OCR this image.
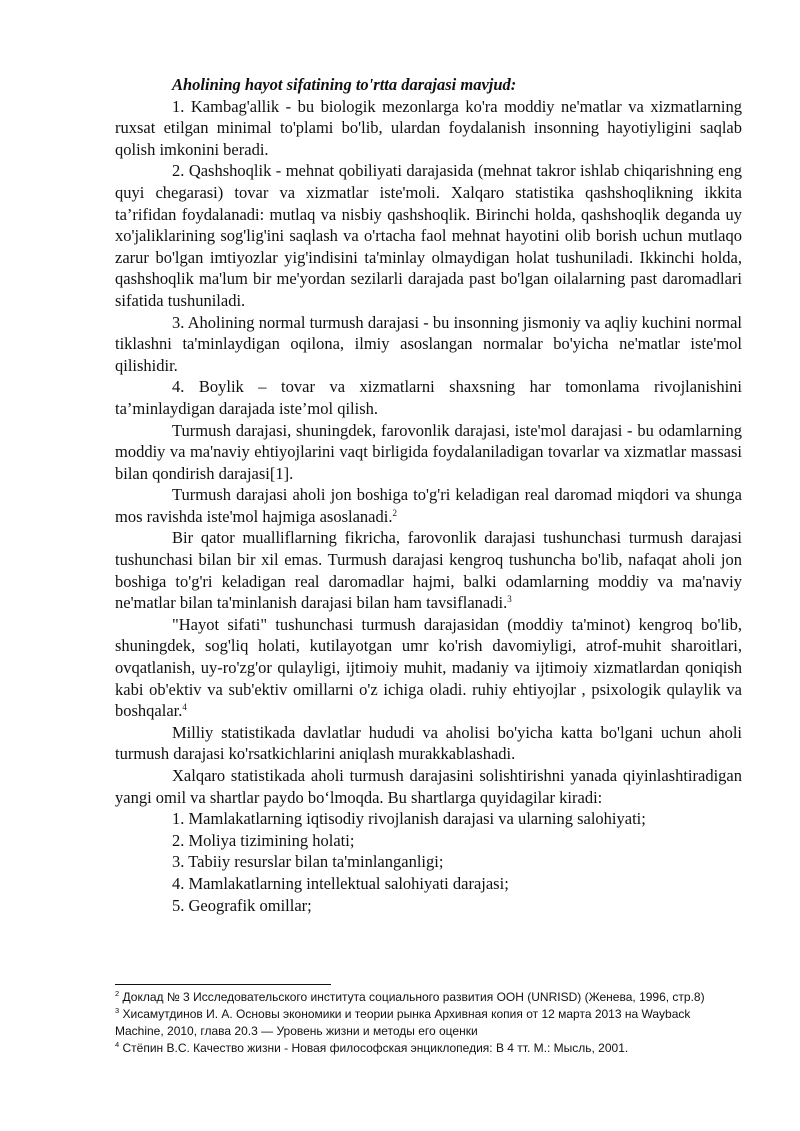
Aholining hayot sifatining to'rtta darajasi mavjud:

1. Kambag'allik - bu biologik mezonlarga ko'ra moddiy ne'matlar va xizmatlarning ruxsat etilgan minimal to'plami bo'lib, ulardan foydalanish insonning hayotiyligini saqlab qolish imkonini beradi.

2. Qashshoqlik - mehnat qobiliyati darajasida (mehnat takror ishlab chiqarishning eng quyi chegarasi) tovar va xizmatlar iste'moli. Xalqaro statistika qashshoqlikning ikkita ta’rifidan foydalanadi: mutlaq va nisbiy qashshoqlik. Birinchi holda, qashshoqlik deganda uy xo'jaliklarining sog'lig'ini saqlash va o'rtacha faol mehnat hayotini olib borish uchun mutlaqo zarur bo'lgan imtiyozlar yig'indisini ta'minlay olmaydigan holat tushuniladi. Ikkinchi holda, qashshoqlik ma'lum bir me'yordan sezilarli darajada past bo'lgan oilalarning past daromadlari sifatida tushuniladi.

3. Aholining normal turmush darajasi - bu insonning jismoniy va aqliy kuchini normal tiklashni ta'minlaydigan oqilona, ilmiy asoslangan normalar bo'yicha ne'matlar iste'mol qilishidir.

4. Boylik – tovar va xizmatlarni shaxsning har tomonlama rivojlanishini ta’minlaydigan darajada iste’mol qilish.

Turmush darajasi, shuningdek, farovonlik darajasi, iste'mol darajasi - bu odamlarning moddiy va ma'naviy ehtiyojlarini vaqt birligida foydalaniladigan tovarlar va xizmatlar massasi bilan qondirish darajasi[1].

Turmush darajasi aholi jon boshiga to'g'ri keladigan real daromad miqdori va shunga mos ravishda iste'mol hajmiga asoslanadi.$^2$

Bir qator mualliflarning fikricha, farovonlik darajasi tushunchasi turmush darajasi tushunchasi bilan bir xil emas. Turmush darajasi kengroq tushuncha bo'lib, nafaqat aholi jon boshiga to'g'ri keladigan real daromadlar hajmi, balki odamlarning moddiy va ma'naviy ne'matlar bilan ta'minlanish darajasi bilan ham tavsiflanadi.$^3$

"Hayot sifati" tushunchasi turmush darajasidan (moddiy ta'minot) kengroq bo'lib, shuningdek, sog'liq holati, kutilayotgan umr ko'rish davomiyligi, atrof-muhit sharoitlari, ovqatlanish, uy-ro'zg'or qulayligi, ijtimoiy muhit, madaniy va ijtimoiy xizmatlardan qoniqish kabi ob'ektiv va sub'ektiv omillarni o'z ichiga oladi. ruhiy ehtiyojlar , psixologik qulaylik va boshqalar.$^4$

Milliy statistikada davlatlar hududi va aholisi bo'yicha katta bo'lgani uchun aholi turmush darajasi ko'rsatkichlarini aniqlash murakkablashadi.

Xalqaro statistikada aholi turmush darajasini solishtirishni yanada qiyinlashtiradigan yangi omil va shartlar paydo bo‘lmoqda. Bu shartlarga quyidagilar kiradi:

1. Mamlakatlarning iqtisodiy rivojlanish darajasi va ularning salohiyati;

2. Moliya tizimining holati;

3. Tabiiy resurslar bilan ta'minlanganligi;

4. Mamlakatlarning intellektual salohiyati darajasi;

5. Geografik omillar;

$^2$ Доклад № 3 Исследовательского института социального развития ООН (UNRISD) (Женева, 1996, стр.8)

$^3$ Хисамутдинов И. А. Основы экономики и теории рынка Архивная копия от 12 марта 2013 на Wayback Machine, 2010, глава 20.3 — Уровень жизни и методы его оценки

$^4$ Стёпин В.С. Качество жизни - Новая философская энциклопедия: В 4 тт. М.: Мысль, 2001.
